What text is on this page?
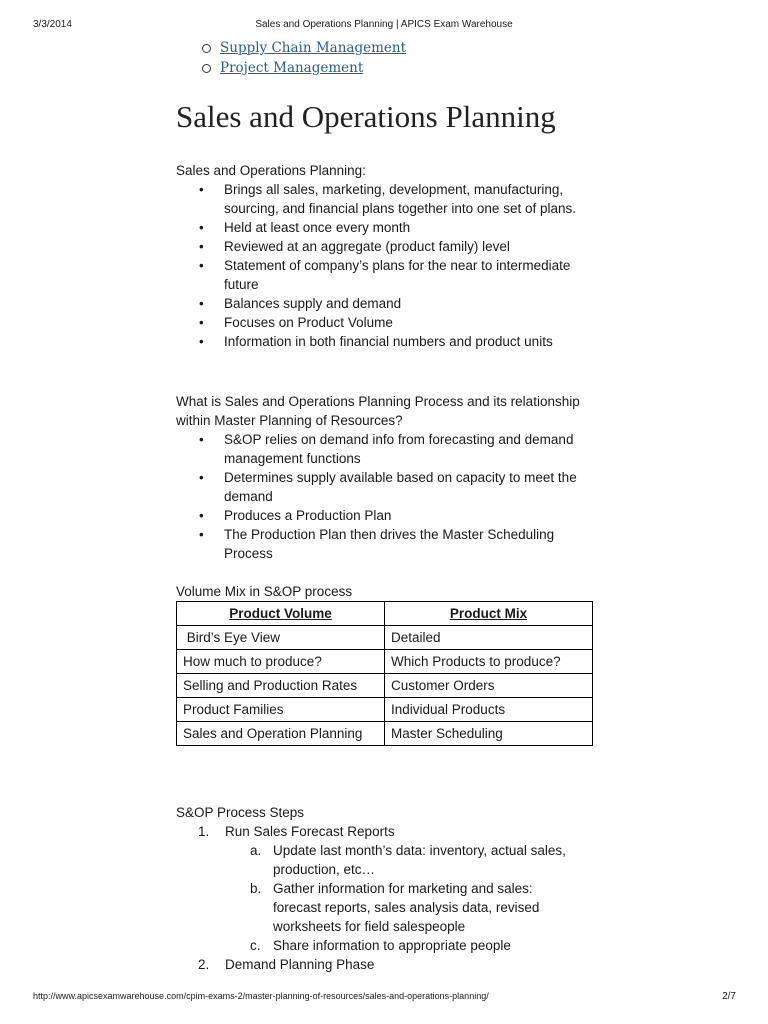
3/3/2014	Sales and Operations Planning | APICS Exam Warehouse
Supply Chain Management
Project Management
Sales and Operations Planning
Sales and Operations Planning:
• Brings all sales, marketing, development, manufacturing, sourcing, and financial plans together into one set of plans.
• Held at least once every month
• Reviewed at an aggregate (product family) level
• Statement of company’s plans for the near to intermediate future
• Balances supply and demand
• Focuses on Product Volume
• Information in both financial numbers and product units
What is Sales and Operations Planning Process and its relationship within Master Planning of Resources?
• S&OP relies on demand info from forecasting and demand management functions
• Determines supply available based on capacity to meet the demand
• Produces a Production Plan
• The Production Plan then drives the Master Scheduling Process
Volume Mix in S&OP process
Product Volume	Product Mix
Bird’s Eye View	Detailed
How much to produce?	Which Products to produce?
Selling and Production Rates	Customer Orders
Product Families	Individual Products
Sales and Operation Planning	Master Scheduling
S&OP Process Steps
1. Run Sales Forecast Reports
a. Update last month’s data: inventory, actual sales, production, etc…
b. Gather information for marketing and sales: forecast reports, sales analysis data, revised worksheets for field salespeople
c. Share information to appropriate people
2. Demand Planning Phase
http://www.apicsexamwarehouse.com/cpim-exams-2/master-planning-of-resources/sales-and-operations-planning/	2/7
